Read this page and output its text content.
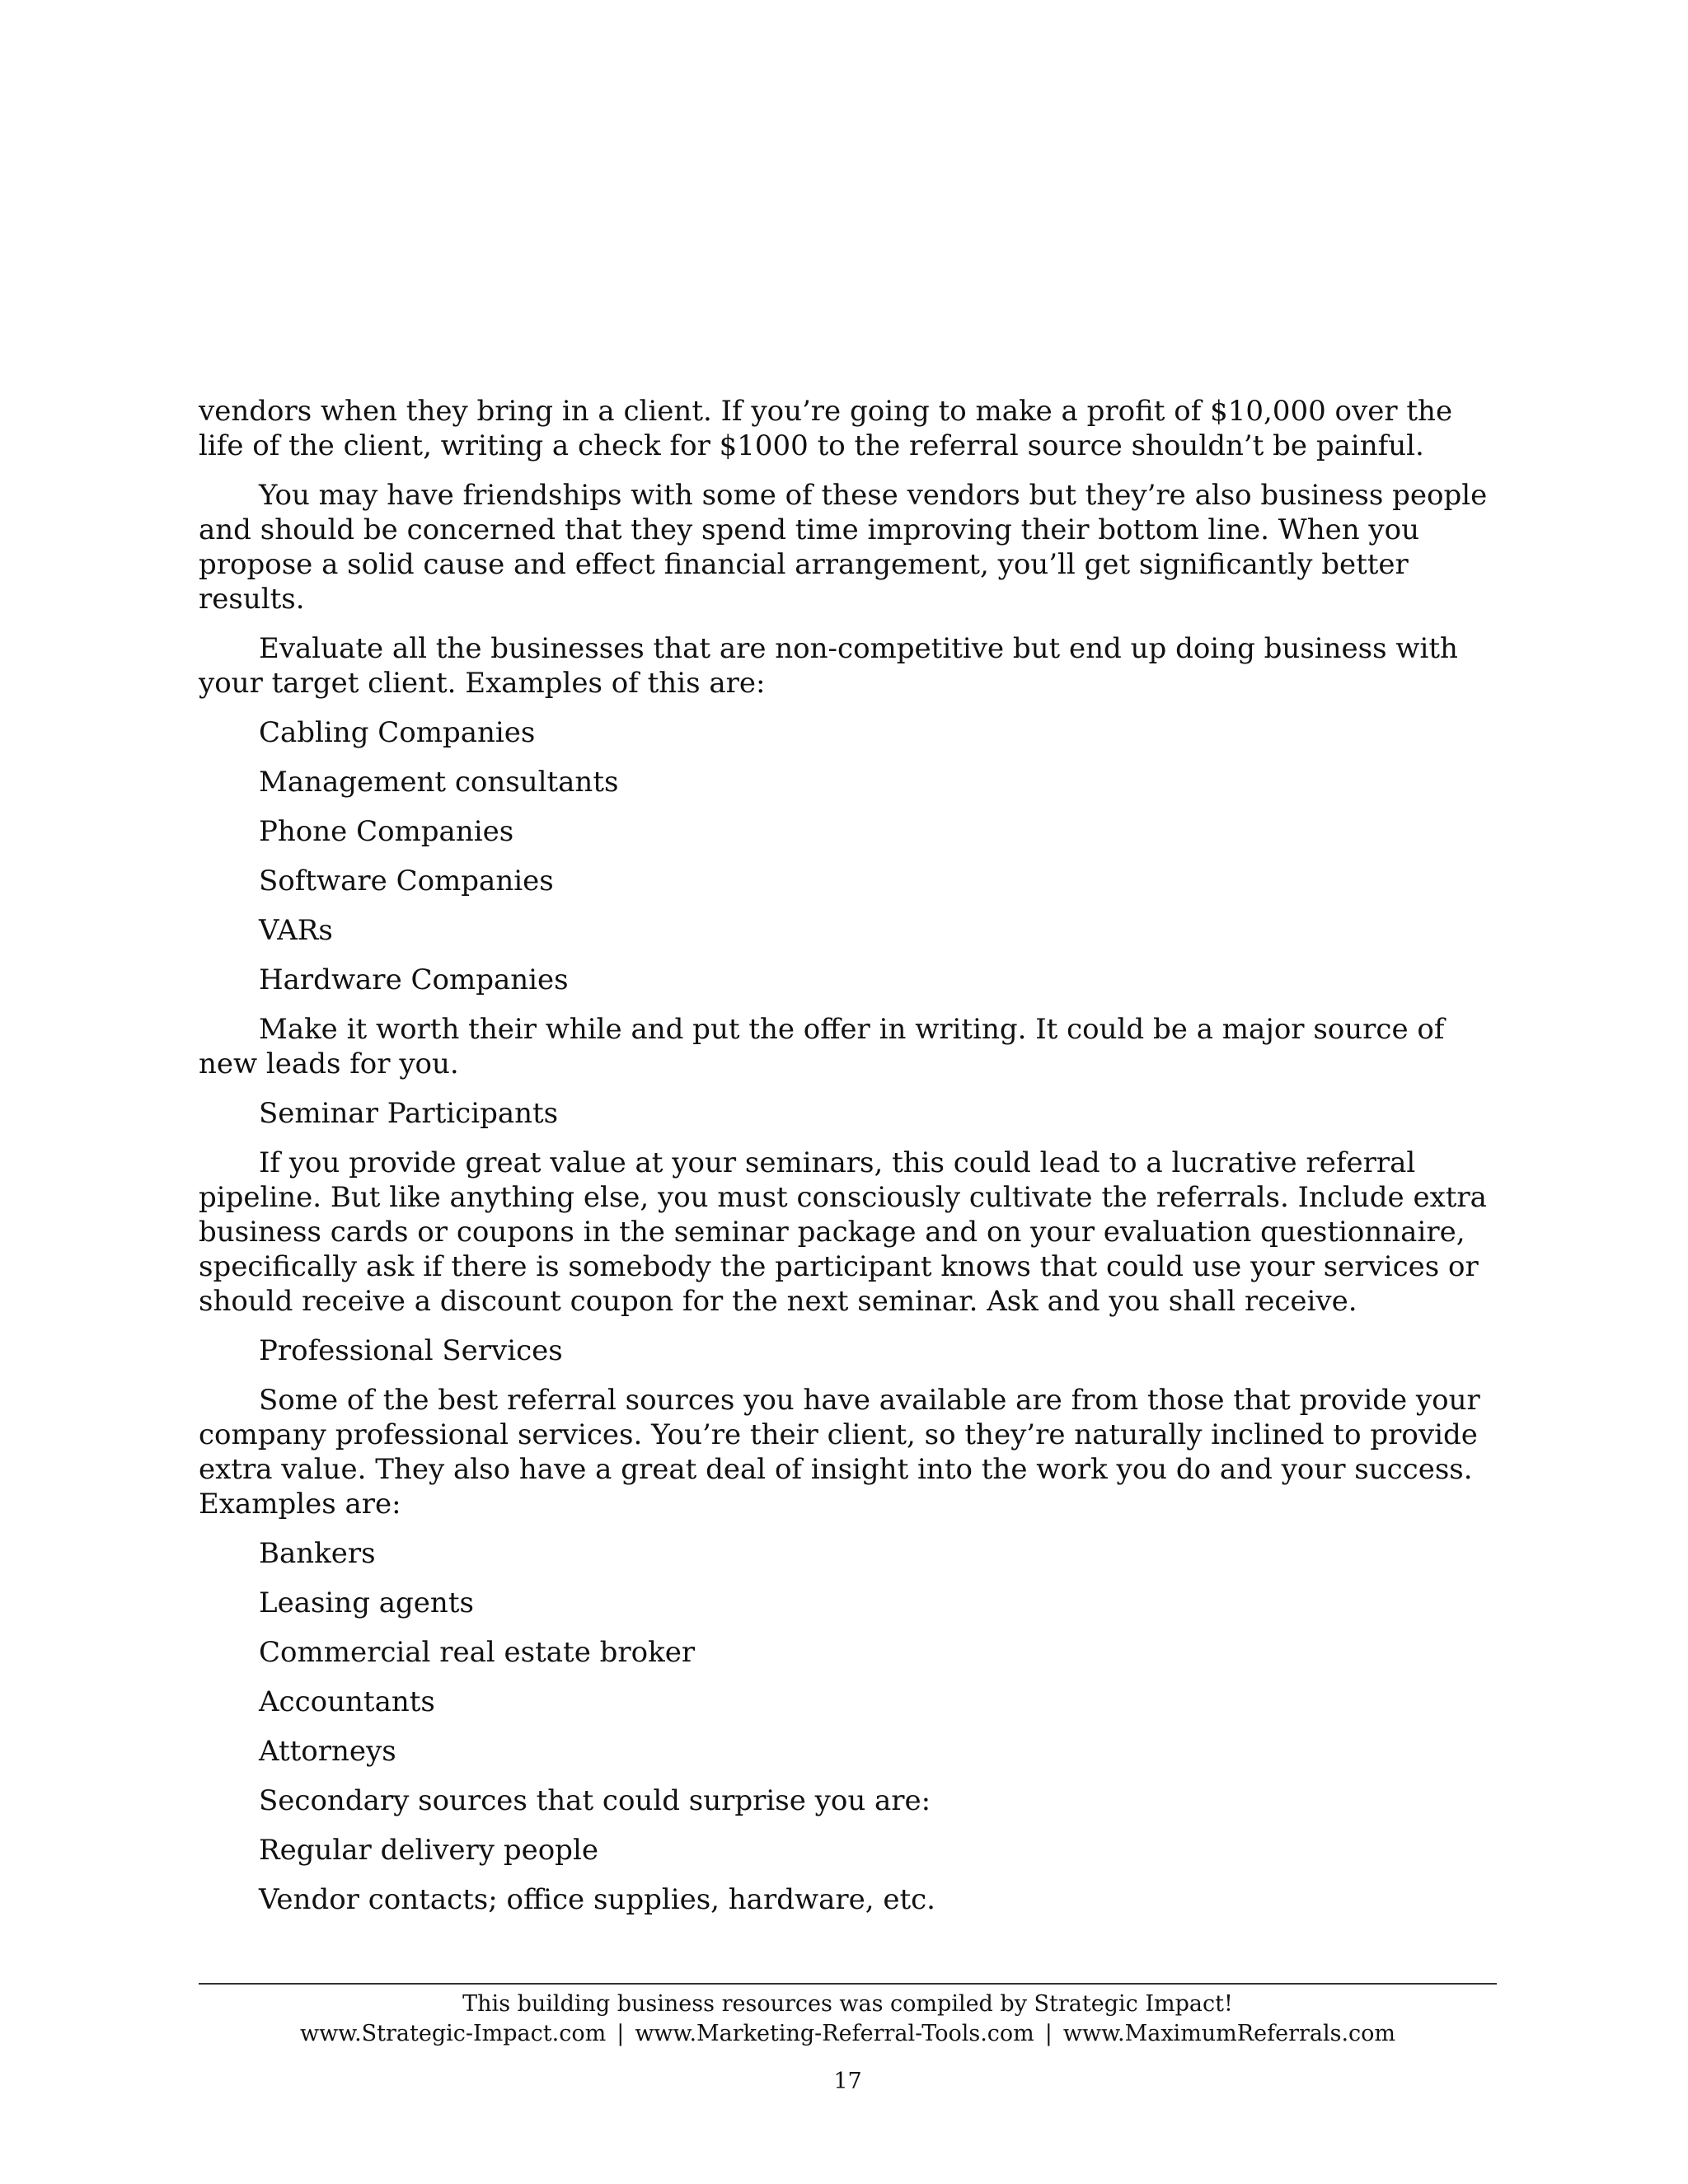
vendors when they bring in a client. If you’re going to make a profit of $10,000 over the life of the client, writing a check for $1000 to the referral source shouldn’t be painful.

You may have friendships with some of these vendors but they’re also business people and should be concerned that they spend time improving their bottom line. When you propose a solid cause and effect financial arrangement, you’ll get significantly better results.

Evaluate all the businesses that are non-competitive but end up doing business with your target client. Examples of this are:

Cabling Companies
Management consultants
Phone Companies
Software Companies
VARs
Hardware Companies

Make it worth their while and put the offer in writing. It could be a major source of new leads for you.

Seminar Participants

If you provide great value at your seminars, this could lead to a lucrative referral pipeline. But like anything else, you must consciously cultivate the referrals. Include extra business cards or coupons in the seminar package and on your evaluation questionnaire, specifically ask if there is somebody the participant knows that could use your services or should receive a discount coupon for the next seminar. Ask and you shall receive.

Professional Services

Some of the best referral sources you have available are from those that provide your company professional services. You’re their client, so they’re naturally inclined to provide extra value. They also have a great deal of insight into the work you do and your success. Examples are:

Bankers
Leasing agents
Commercial real estate broker
Accountants
Attorneys
Secondary sources that could surprise you are:
Regular delivery people
Vendor contacts; office supplies, hardware, etc.
This building business resources was compiled by Strategic Impact!
www.Strategic-Impact.com | www.Marketing-Referral-Tools.com | www.MaximumReferrals.com
17
